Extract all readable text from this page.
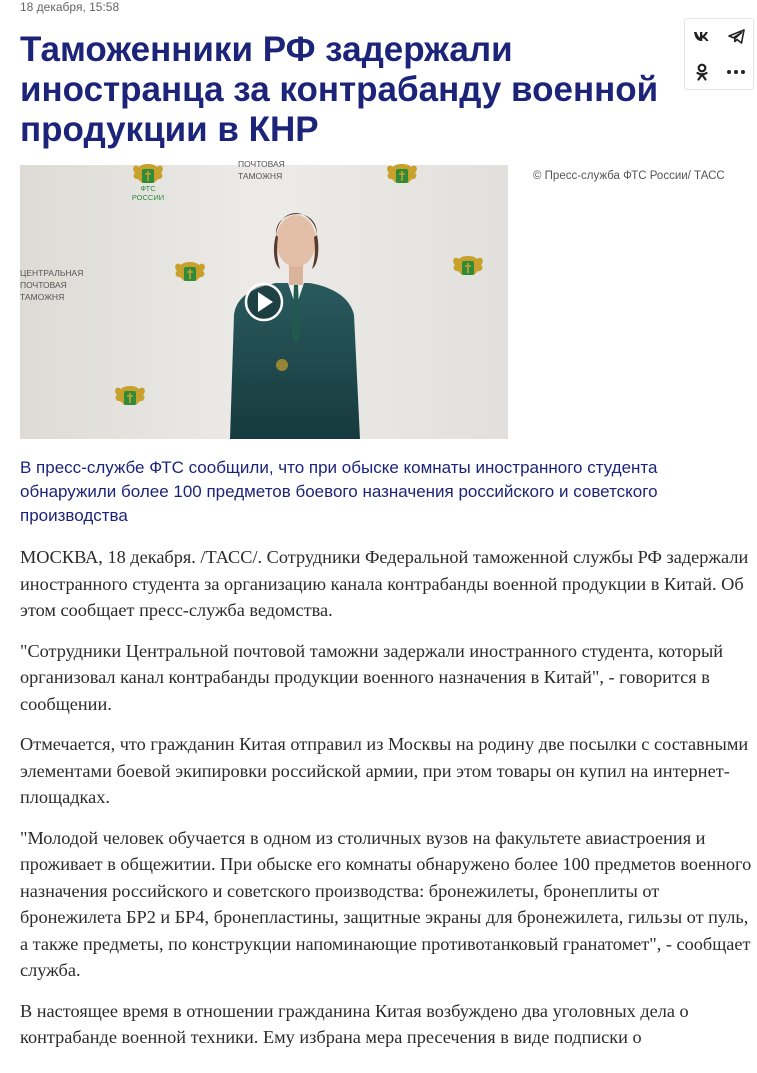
18 декабря, 15:58
Таможенники РФ задержали иностранца за контрабанду военной продукции в КНР
ФТС РОССИИ
ПОЧТОВАЯ
ТАМОЖНЯ
ЦЕНТРАЛЬНАЯ
ПОЧТОВАЯ
ТАМОЖНЯ
© Пресс-служба ФТС России/ ТАСС

В пресс-службе ФТС сообщили, что при обыске комнаты иностранного студента обнаружили более 100 предметов боевого назначения российского и советского производства

МОСКВА, 18 декабря. /ТАСС/. Сотрудники Федеральной таможенной службы РФ задержали иностранного студента за организацию канала контрабанды военной продукции в Китай. Об этом сообщает пресс-служба ведомства.

"Сотрудники Центральной почтовой таможни задержали иностранного студента, который организовал канал контрабанды продукции военного назначения в Китай", - говорится в сообщении.

Отмечается, что гражданин Китая отправил из Москвы на родину две посылки с составными элементами боевой экипировки российской армии, при этом товары он купил на интернет-площадках.

"Молодой человек обучается в одном из столичных вузов на факультете авиастроения и проживает в общежитии. При обыске его комнаты обнаружено более 100 предметов военного назначения российского и советского производства: бронежилеты, бронеплиты от бронежилета БР2 и БР4, бронепластины, защитные экраны для бронежилета, гильзы от пуль, а также предметы, по конструкции напоминающие противотанковый гранатомет", - сообщает служба.

В настоящее время в отношении гражданина Китая возбуждено два уголовных дела о контрабанде военной техники. Ему избрана мера пресечения в виде подписки о
